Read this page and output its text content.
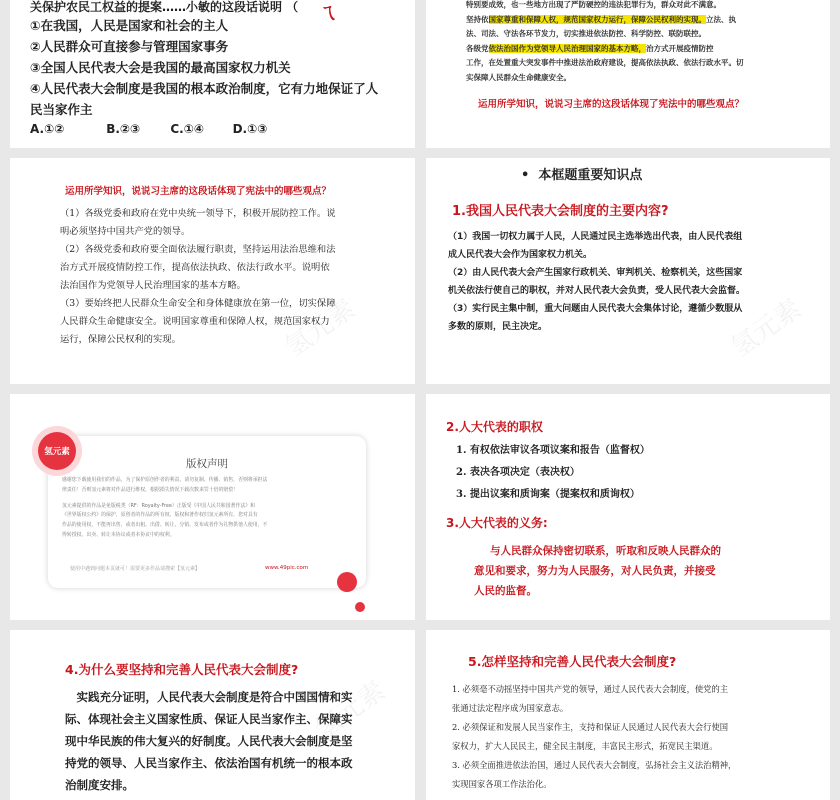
关保护农民工权益的提案……小敏的这段话说明 （ ㄟ
①在我国，人民是国家和社会的主人
②人民群众可直接参与管理国家事务
③全国人民代表大会是我国的最高国家权力机关
④人民代表大会制度是我国的根本政治制度，它有力地保证了人
民当家作主
A.①②	B.②③	C.①④ D.①③
特别要成效，也一些地方出现了严防硬控的违法犯罪行为，群众对此不满意。
坚持依国家尊重和保障人权，规范国家权力运行，保障公民权利的实现。立法、执
法、司法、守法各环节发力，切实推进依法防控、科学防控、联防联控。
各级党依法治国作为党领导人民治理国家的基本方略，治方式开展疫情防控
工作，在处置重大突发事件中推进法治政府建设，提高依法执政、依法行政水平。切
实保障人民群众生命健康安全。
运用所学知识，说说习主席的这段话体现了宪法中的哪些观点？
运用所学知识，说说习主席的这段话体现了宪法中的哪些观点？
（1）各级党委和政府在党中央统一领导下，积极开展防控工作。说
明必须坚持中国共产党的领导。
（2）各级党委和政府要全面依法履行职责，坚持运用法治思维和法
治方式开展疫情防控工作，提高依法执政、依法行政水平。说明依
法治国作为党领导人民治理国家的基本方略。
（3）要始终把人民群众生命安全和身体健康放在第一位，切实保障
人民群众生命健康安全。说明国家尊重和保障人权，规范国家权力
运行，保障公民权利的实现。	氢元素
• 本框题重要知识点
1.我国人民代表大会制度的主要内容?
（1）我国一切权力属于人民，人民通过民主选举选出代表，由人民代表组
成人民代表大会作为国家权力机关。
（2）由人民代表大会产生国家行政机关、审判机关、检察机关，这些国家
机关依法行使自己的职权，并对人民代表大会负责，受人民代表大会监督。
（3）实行民主集中制，重大问题由人民代表大会集体讨论，遵循少数服从
多数的原则，民主决定。	氢元素
氢元素
版权声明
感谢您下载使用我们的作品，为了保护原创作者的利益，请勿复制、传播、销售，否则将承担法
律责任！否则氢元素将对作品进行维权，根据损失情况下载次数来罚十倍的赔偿！
氢元素提供的作品是免版税类（RF：Royalty-Free）正版受《中国人民共和国著作法》和
《世界版权公约》的保护，原创者的作品的所有权、版权和著作权归氢元素所有，您对具有
作品的使用权，不能再出售，或者出租、出借、转让、分销、发布或者作为礼物供他人使用，不
得转授权、出卖、转让本协议或者本协议中的权利。
使用中遇到问题本页就可！需要更多作品请搜索【氢元素】	www.49pic.com
2.人大代表的职权
1. 有权依法审议各项议案和报告（监督权）
2. 表决各项决定（表决权）
3. 提出议案和质询案（提案权和质询权）
3.人大代表的义务:
与人民群众保持密切联系，听取和反映人民群众的
意见和要求，努力为人民服务，对人民负责，并接受
人民的监督。
4.为什么要坚持和完善人民代表大会制度?
　实践充分证明，人民代表大会制度是符合中国国情和实
际、体现社会主义国家性质、保证人民当家作主、保障实
现中华民族的伟大复兴的好制度。人民代表大会制度是坚
持党的领导、人民当家作主、依法治国有机统一的根本政
治制度安排。
氢元素
5.怎样坚持和完善人民代表大会制度?
1. 必须毫不动摇坚持中国共产党的领导，通过人民代表大会制度，使党的主
张通过法定程序成为国家意志。
2. 必须保证和发展人民当家作主，支持和保证人民通过人民代表大会行使国
家权力，扩大人民民主，健全民主制度，丰富民主形式，拓宽民主渠道。
3. 必须全面推进依法治国，通过人民代表大会制度，弘扬社会主义法治精神，
实现国家各项工作法治化。
